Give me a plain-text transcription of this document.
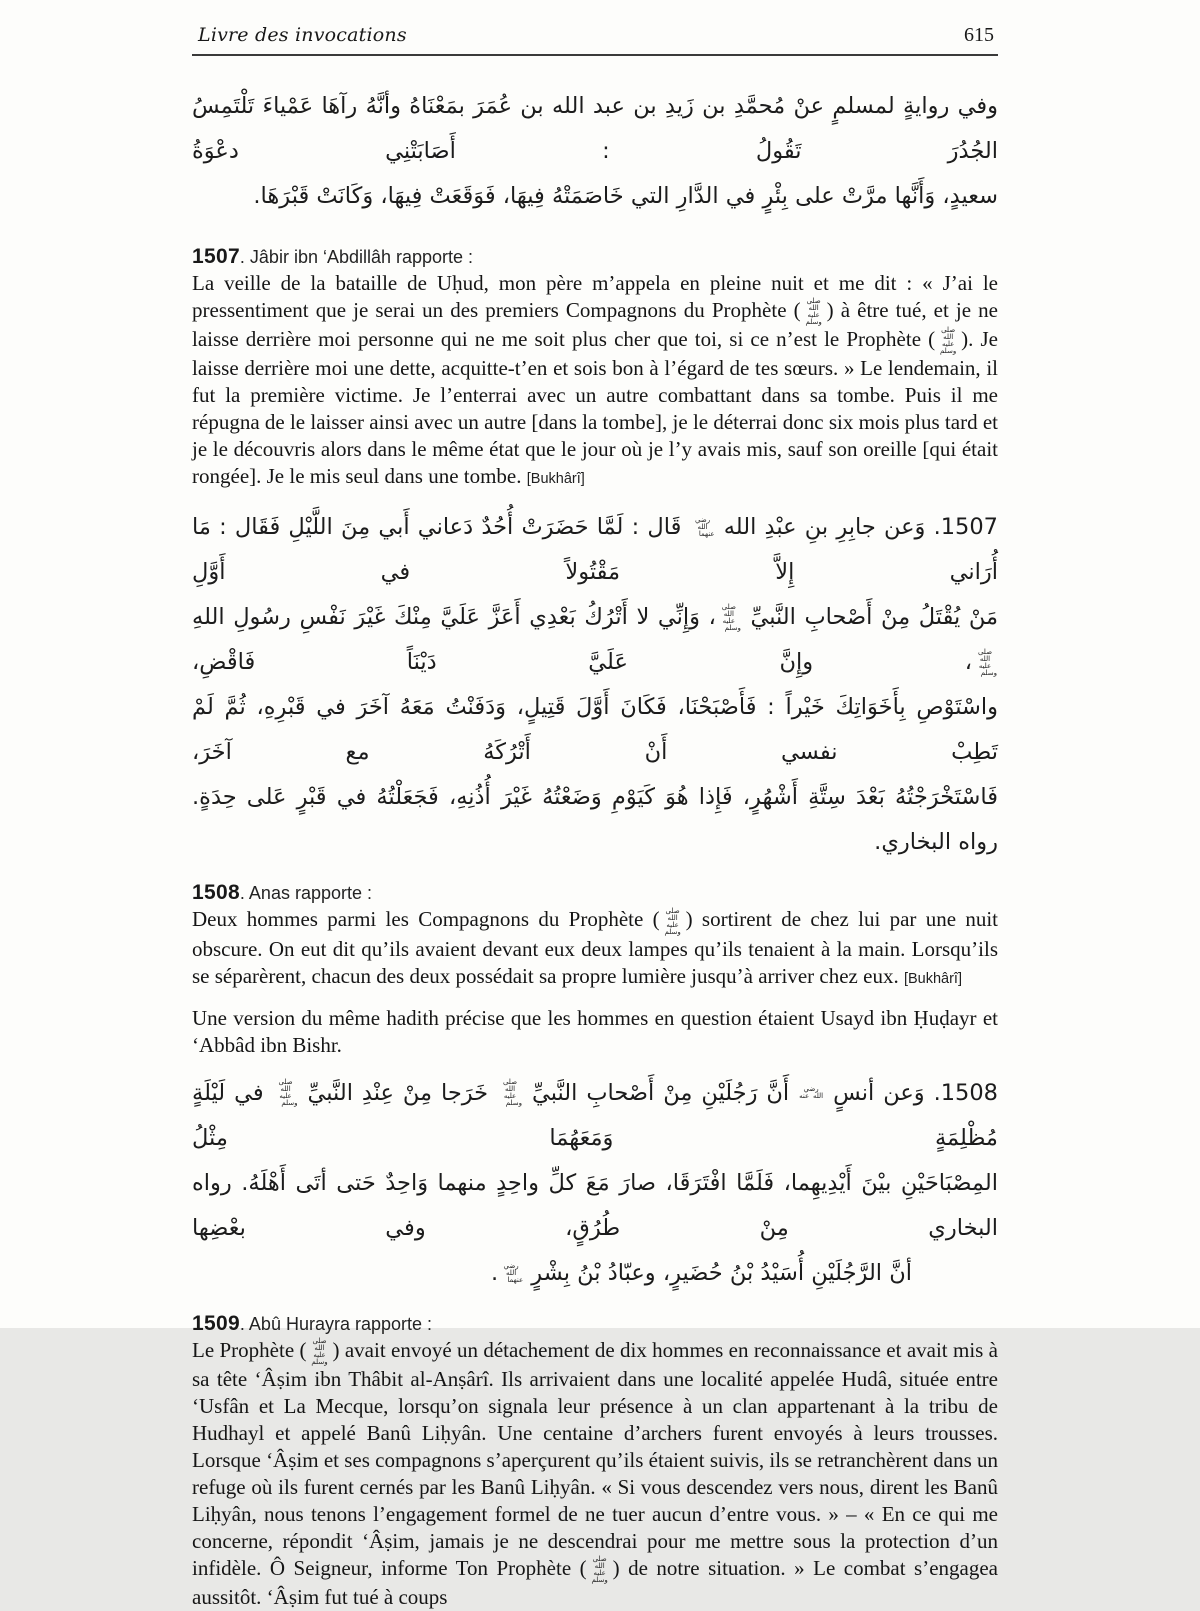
Livre des invocations	615
وفي روايةٍ لمسلمٍ عنْ مُحمَّدِ بن زَيدِ بن عبد الله بن عُمَرَ بمَعْنَاهُ وأنَّهُ رآهَا عَمْياءَ تَلْتَمِسُ الجُدُرَ تَقُولُ : أَصَابَتْنِي دعْوَةُ
سعيدٍ، وَأَنَّها مرَّتْ على بِئْرٍ في الدَّارِ التي خَاصَمَتْهُ فِيهَا، فَوَقَعَتْ فِيهَا، وَكَانَتْ قَبْرَهَا.
1507. Jâbir ibn ‘Abdillâh rapporte :

La veille de la bataille de Uḥud, mon père m’appela en pleine nuit et me dit : « J’ai le pressentiment que je serai un des premiers Compagnons du Prophète ( صلى الله عليه وسلم) à être tué, et je ne laisse derrière moi personne qui ne me soit plus cher que toi, si ce n’est le Prophète ( صلى الله عليه وسلم). Je laisse derrière moi une dette, acquitte-t’en et sois bon à l’égard de tes sœurs. » Le lendemain, il fut la première victime. Je l’enterrai avec un autre combattant dans sa tombe. Puis il me répugna de le laisser ainsi avec un autre [dans la tombe], je le déterrai donc six mois plus tard et je le découvris alors dans le même état que le jour où je l’y avais mis, sauf son oreille [qui était rongée]. Je le mis seul dans une tombe. [Bukhârî]

1507. وَعن جابِرِ بنِ عبْدِ الله رضي الله عنهما قَال : لَمَّا حَضَرَتْ أُحُدٌ دَعاني أَبي مِنَ اللَّيْلِ فَقَال : مَا أُرَاني إِلاَّ مَقْتُولاً في أَوَّلِ
مَنْ يُقْتَلُ مِنْ أَصْحابِ النَّبيِّ صلى الله عليه وسلم، وَإِنِّي لا أَتْرُكُ بَعْدِي أَعَزَّ عَلَيَّ مِنْكَ غَيْرَ نَفْسِ رسُولِ اللهِ صلى الله عليه وسلم، وإِنَّ عَلَيَّ دَيْنَاً فَاقْضِ،
واسْتَوْصِ بِأَخَوَاتِكَ خَيْراً : فَأَصْبَحْنَا، فَكَانَ أَوَّلَ قَتِيلٍ، وَدَفَنْتُ مَعَهُ آخَرَ في قَبْرِهِ، ثُمَّ لَمْ تَطِبْ نفسي أَنْ أَتْرُكَهُ مع آخَرَ،
فَاسْتَخْرَجْتُهُ بَعْدَ سِتَّةِ أَشْهُرٍ، فَإِذا هُوَ كَيَوْمِ وَضَعْتُهُ غَيْرَ أُذُنِهِ، فَجَعَلْتُهُ في قَبْرٍ عَلى حِدَةٍ. رواه البخاري.
1508. Anas rapporte :

Deux hommes parmi les Compagnons du Prophète ( صلى الله عليه وسلم) sortirent de chez lui par une nuit obscure. On eut dit qu’ils avaient devant eux deux lampes qu’ils tenaient à la main. Lorsqu’ils se séparèrent, chacun des deux possédait sa propre lumière jusqu’à arriver chez eux. [Bukhârî]

Une version du même hadith précise que les hommes en question étaient Usayd ibn Ḥuḍayr et ‘Abbâd ibn Bishr.

1508. وَعن أنسٍ رضي الله عنه أَنَّ رَجُلَيْنِ مِنْ أَصْحابِ النَّبيِّ صلى الله عليه وسلم خَرَجا مِنْ عِنْدِ النَّبيِّ صلى الله عليه وسلم في لَيْلَةٍ مُظْلِمَةٍ وَمَعَهُمَا مِثْلُ
المِصْبَاحَيْنِ بيْنَ أَيْدِيهِما، فَلَمَّا افْتَرَقَا، صارَ مَعَ كلِّ واحِدٍ منهما وَاحِدٌ حَتى أتَى أَهْلَهُ. رواه البخاري مِنْ طُرُقٍ، وفي بعْضِها
أنَّ الرَّجُلَيْنِ أُسَيْدُ بْنُ حُضَيرٍ، وعبّادُ بْنُ بِشْرٍ رضي الله عنهما.
1509. Abû Hurayra rapporte :

Le Prophète ( صلى الله عليه وسلم) avait envoyé un détachement de dix hommes en reconnaissance et avait mis à sa tête ‘Âṣim ibn Thâbit al-Anṣârî. Ils arrivaient dans une localité appelée Hudâ, située entre ‘Usfân et La Mecque, lorsqu’on signala leur présence à un clan appartenant à la tribu de Hudhayl et appelé Banû Liḥyân. Une centaine d’archers furent envoyés à leurs trousses. Lorsque ‘Âṣim et ses compagnons s’aperçurent qu’ils étaient suivis, ils se retranchèrent dans un refuge où ils furent cernés par les Banû Liḥyân. « Si vous descendez vers nous, dirent les Banû Liḥyân, nous tenons l’engagement formel de ne tuer aucun d’entre vous. » – « En ce qui me concerne, répondit ‘Âṣim, jamais je ne descendrai pour me mettre sous la protection d’un infidèle. Ô Seigneur, informe Ton Prophète ( صلى الله عليه وسلم) de notre situation. » Le combat s’engagea aussitôt. ‘Âṣim fut tué à coups
